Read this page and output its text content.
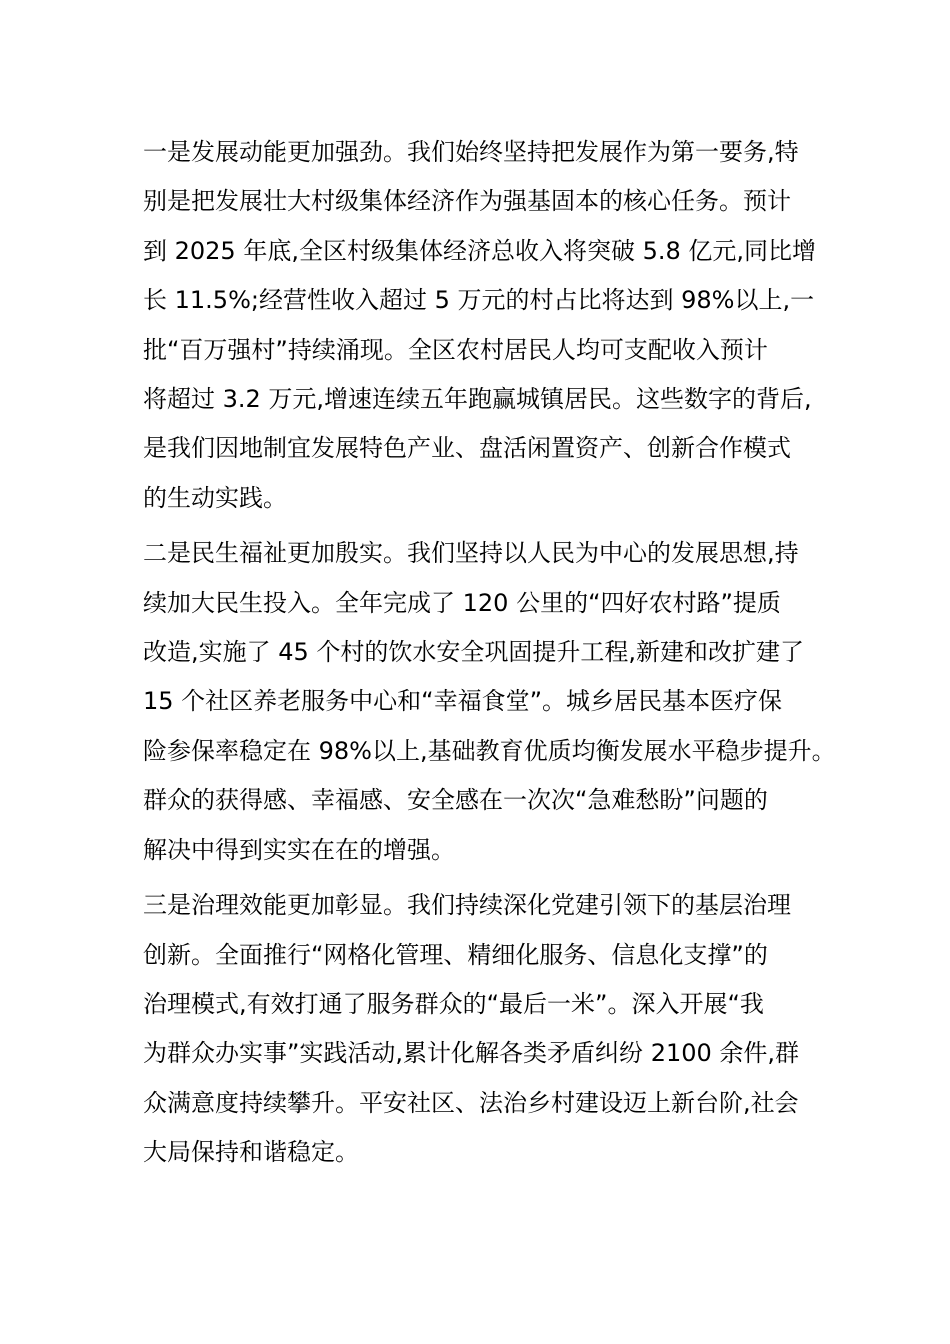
一是发展动能更加强劲。我们始终坚持把发展作为第一要务,特
别是把发展壮大村级集体经济作为强基固本的核心任务。预计
到 2025 年底,全区村级集体经济总收入将突破 5.8 亿元,同比增
长 11.5%;经营性收入超过 5 万元的村占比将达到 98%以上,一
批“百万强村”持续涌现。全区农村居民人均可支配收入预计
将超过 3.2 万元,增速连续五年跑赢城镇居民。这些数字的背后,
是我们因地制宜发展特色产业、盘活闲置资产、创新合作模式
的生动实践。
二是民生福祉更加殷实。我们坚持以人民为中心的发展思想,持
续加大民生投入。全年完成了 120 公里的“四好农村路”提质
改造,实施了 45 个村的饮水安全巩固提升工程,新建和改扩建了
15 个社区养老服务中心和“幸福食堂”。城乡居民基本医疗保
险参保率稳定在 98%以上,基础教育优质均衡发展水平稳步提升。
群众的获得感、幸福感、安全感在一次次“急难愁盼”问题的
解决中得到实实在在的增强。
三是治理效能更加彰显。我们持续深化党建引领下的基层治理
创新。全面推行“网格化管理、精细化服务、信息化支撑”的
治理模式,有效打通了服务群众的“最后一米”。深入开展“我
为群众办实事”实践活动,累计化解各类矛盾纠纷 2100 余件,群
众满意度持续攀升。平安社区、法治乡村建设迈上新台阶,社会
大局保持和谐稳定。
